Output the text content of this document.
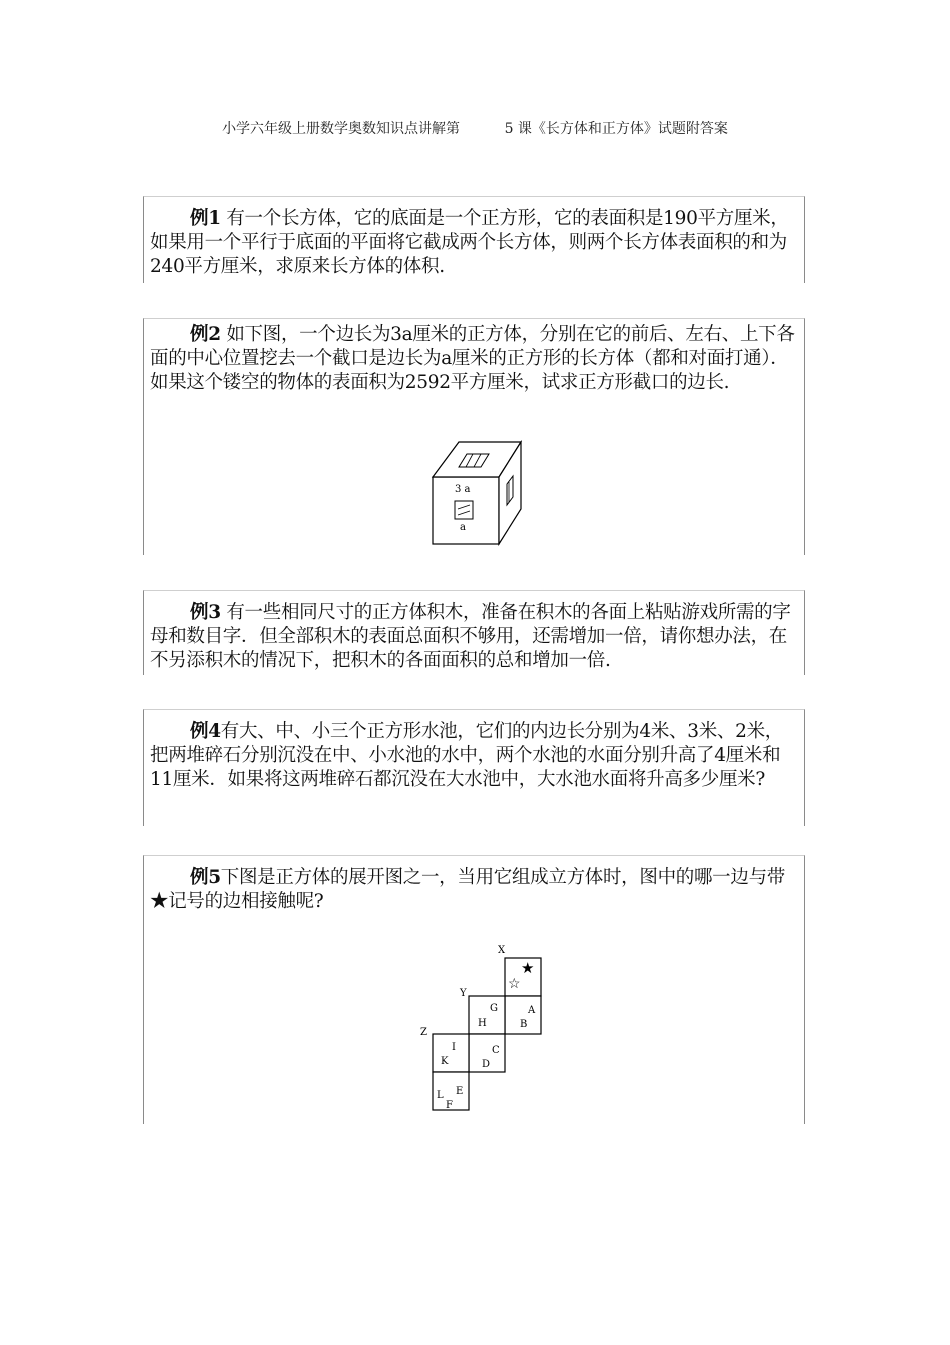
小学六年级上册数学奥数知识点讲解第          5 课《长方体和正方体》试题附答案
例1 有一个长方体，它的底面是一个正方形，它的表面积是190平方厘米，如果用一个平行于底面的平面将它截成两个长方体，则两个长方体表面积的和为240平方厘米，求原来长方体的体积.
例2 如下图，一个边长为3a厘米的正方体，分别在它的前后、左右、上下各面的中心位置挖去一个截口是边长为a厘米的正方形的长方体（都和对面打通）．如果这个镂空的物体的表面积为2592平方厘米，试求正方形截口的边长.
3 a
a
例3 有一些相同尺寸的正方体积木，准备在积木的各面上粘贴游戏所需的字母和数目字．但全部积木的表面总面积不够用，还需增加一倍，请你想办法，在不另添积木的情况下，把积木的各面面积的总和增加一倍.
例4有大、中、小三个正方形水池，它们的内边长分别为4米、3米、2米，把两堆碎石分别沉没在中、小水池的水中，两个水池的水面分别升高了4厘米和11厘米．如果将这两堆碎石都沉没在大水池中，大水池水面将升高多少厘米?
例5下图是正方体的展开图之一，当用它组成立方体时，图中的哪一边与带★记号的边相接触呢?
X
Y
Z
G
H
A
B
I
K
C
D
L E
F
★
☆
